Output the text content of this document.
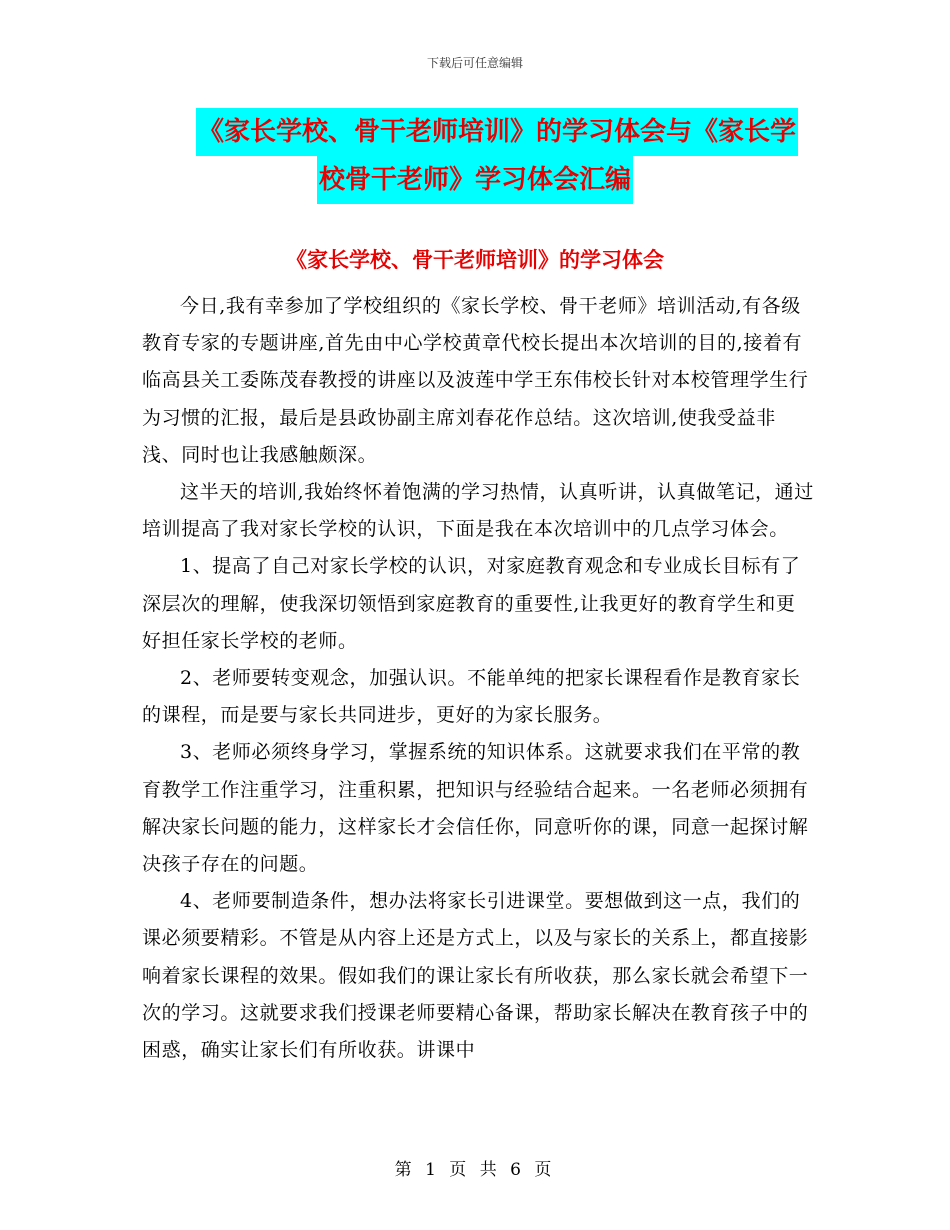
下载后可任意编辑
《家长学校、骨干老师培训》的学习体会与《家长学
校骨干老师》学习体会汇编
《家长学校、骨干老师培训》的学习体会

今日,我有幸参加了学校组织的《家长学校、骨干老师》培训活动,有各级教育专家的专题讲座,首先由中心学校黄章代校长提出本次培训的目的,接着有临高县关工委陈茂春教授的讲座以及波莲中学王东伟校长针对本校管理学生行为习惯的汇报，最后是县政协副主席刘春花作总结。这次培训,使我受益非浅、同时也让我感触颇深。

这半天的培训,我始终怀着饱满的学习热情，认真听讲，认真做笔记，通过培训提高了我对家长学校的认识，下面是我在本次培训中的几点学习体会。

1、提高了自己对家长学校的认识，对家庭教育观念和专业成长目标有了深层次的理解，使我深切领悟到家庭教育的重要性,让我更好的教育学生和更好担任家长学校的老师。

2、老师要转变观念，加强认识。不能单纯的把家长课程看作是教育家长的课程，而是要与家长共同进步，更好的为家长服务。

3、老师必须终身学习，掌握系统的知识体系。这就要求我们在平常的教育教学工作注重学习，注重积累，把知识与经验结合起来。一名老师必须拥有解决家长问题的能力，这样家长才会信任你，同意听你的课，同意一起探讨解决孩子存在的问题。

4、老师要制造条件，想办法将家长引进课堂。要想做到这一点，我们的课必须要精彩。不管是从内容上还是方式上，以及与家长的关系上，都直接影响着家长课程的效果。假如我们的课让家长有所收获，那么家长就会希望下一次的学习。这就要求我们授课老师要精心备课，帮助家长解决在教育孩子中的困惑，确实让家长们有所收获。讲课中

第 1 页 共 6 页
